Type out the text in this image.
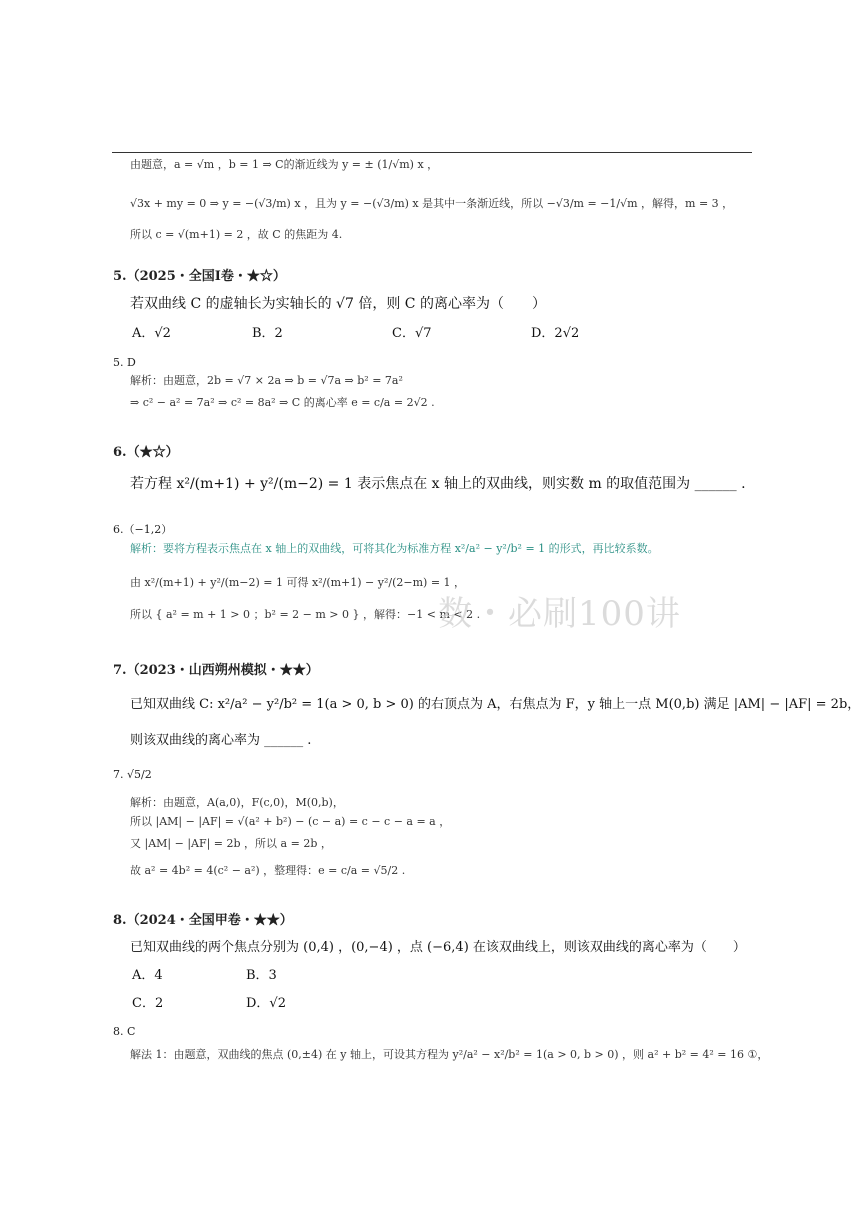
由题意，a = √m ，b = 1 ⇒ C的渐近线为 y = ± (1/√m) x ，
√3x + my = 0 ⇒ y = −(√3/m) x ，且为 y = −(√3/m) x 是其中一条渐近线，所以 −√3/m = −1/√m ，解得，m = 3 ，
所以 c = √(m+1) = 2 ，故 C 的焦距为 4.
5.（2025・全国Ⅰ卷・★☆）
若双曲线 C 的虚轴长为实轴长的 √7 倍，则 C 的离心率为（　　）
A．√2	B．2	C．√7	D．2√2
5. D
解析：由题意，2b = √7 × 2a ⇒ b = √7a ⇒ b² = 7a²
⇒ c² − a² = 7a² ⇒ c² = 8a² ⇒ C 的离心率 e = c/a = 2√2 .
6.（★☆）
若方程 x²/(m+1) + y²/(m−2) = 1 表示焦点在 x 轴上的双曲线，则实数 m 的取值范围为 ______ .
6.（−1,2）
解析：要将方程表示焦点在 x 轴上的双曲线，可将其化为标准方程 x²/a² − y²/b² = 1 的形式，再比较系数。
由 x²/(m+1) + y²/(m−2) = 1 可得 x²/(m+1) − y²/(2−m) = 1 ，
所以 { a² = m + 1 > 0 ；b² = 2 − m > 0 } ，解得：−1 < m < 2 .
数・必刷100讲
7.（2023・山西朔州模拟・★★）
已知双曲线 C: x²/a² − y²/b² = 1(a > 0, b > 0) 的右顶点为 A，右焦点为 F，y 轴上一点 M(0,b) 满足 |AM| − |AF| = 2b，
则该双曲线的离心率为 ______ .
7. √5/2
解析：由题意，A(a,0)，F(c,0)，M(0,b)，
所以 |AM| − |AF| = √(a² + b²) − (c − a) = c − c − a = a ，
又 |AM| − |AF| = 2b ，所以 a = 2b ，
故 a² = 4b² = 4(c² − a²) ，整理得：e = c/a = √5/2 .
8.（2024・全国甲卷・★★）
已知双曲线的两个焦点分别为 (0,4) ，(0,−4) ，点 (−6,4) 在该双曲线上，则该双曲线的离心率为（　　）
A．4	B．3
C．2	D．√2
8. C
解法 1：由题意，双曲线的焦点 (0,±4) 在 y 轴上，可设其方程为 y²/a² − x²/b² = 1(a > 0, b > 0) ，则 a² + b² = 4² = 16 ①，
